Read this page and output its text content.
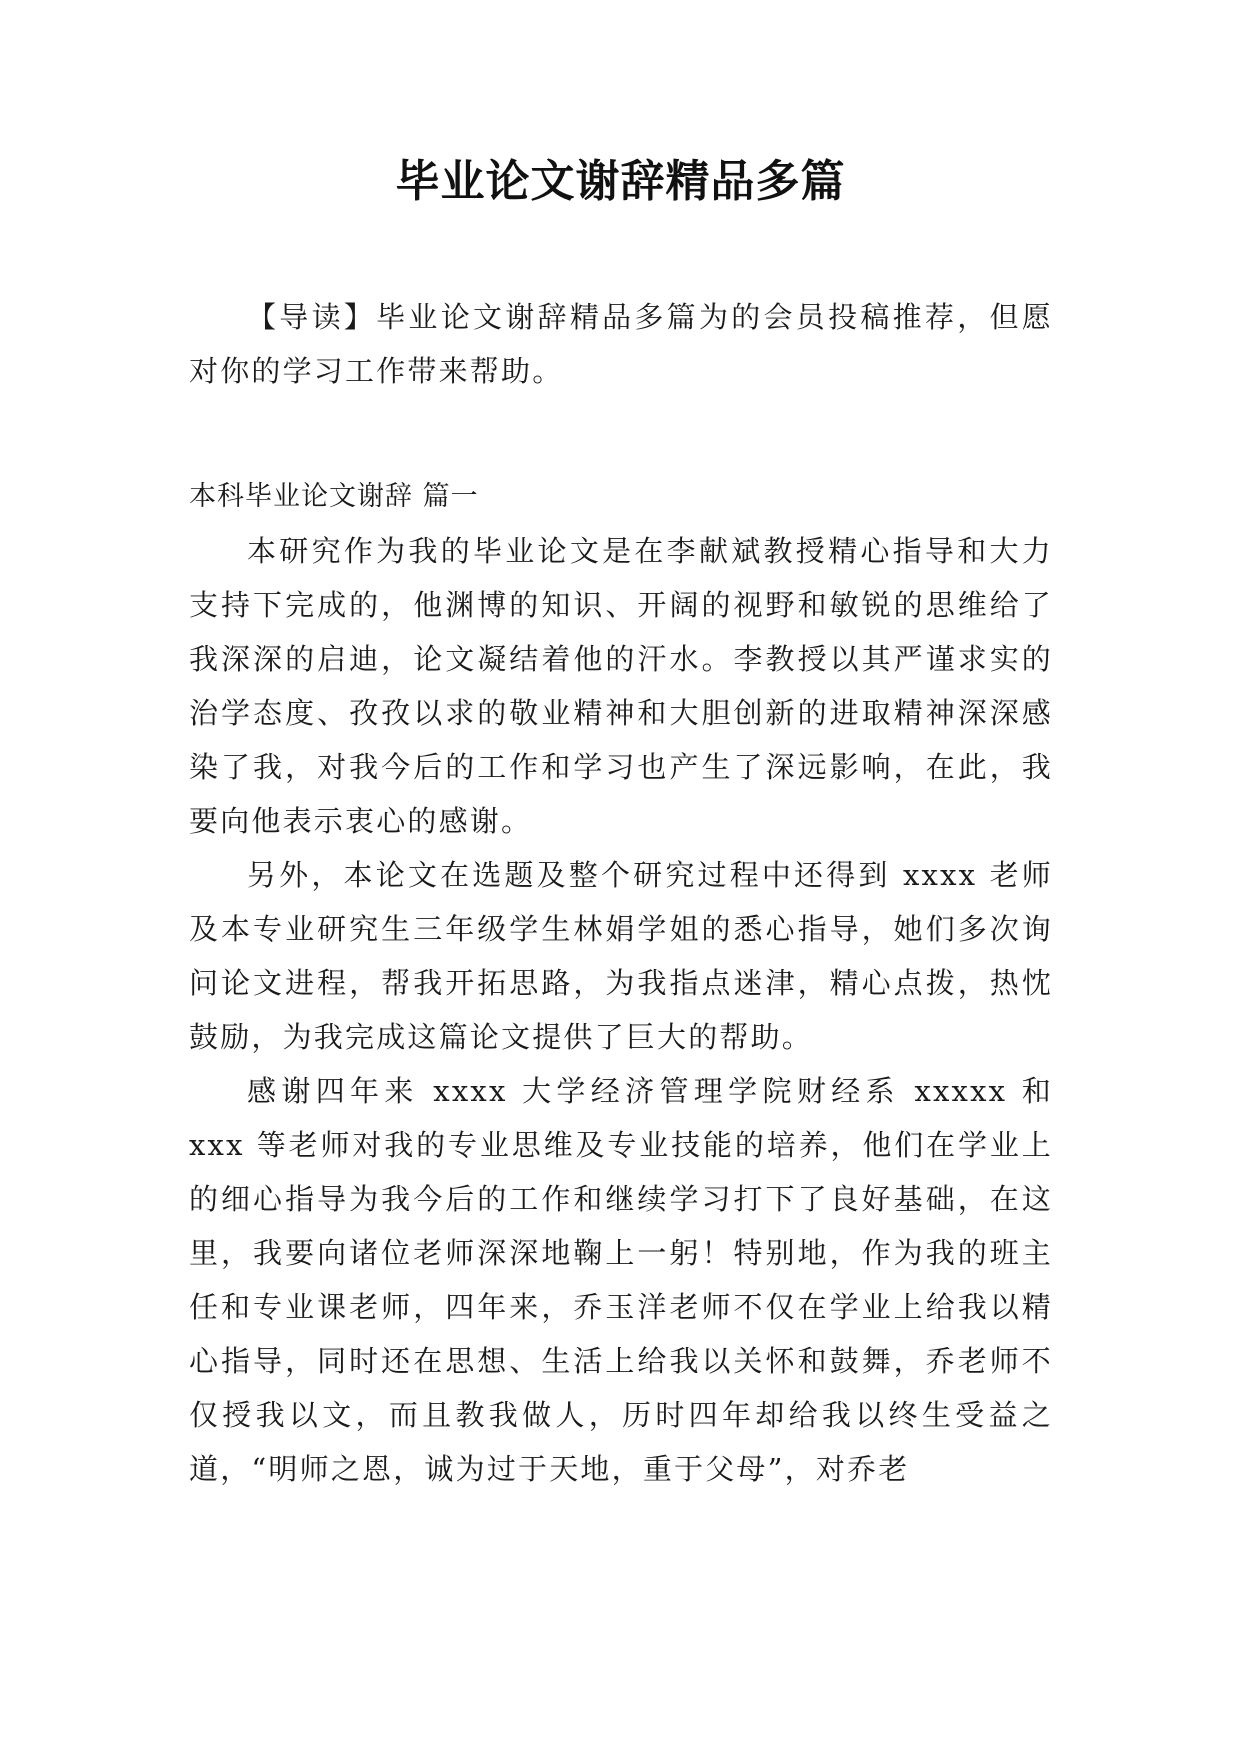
毕业论文谢辞精品多篇

【导读】毕业论文谢辞精品多篇为的会员投稿推荐，但愿对你的学习工作带来帮助。

本科毕业论文谢辞 篇一

本研究作为我的毕业论文是在李献斌教授精心指导和大力支持下完成的，他渊博的知识、开阔的视野和敏锐的思维给了我深深的启迪，论文凝结着他的汗水。李教授以其严谨求实的治学态度、孜孜以求的敬业精神和大胆创新的进取精神深深感染了我，对我今后的工作和学习也产生了深远影响，在此，我要向他表示衷心的感谢。

另外，本论文在选题及整个研究过程中还得到 xxxx 老师及本专业研究生三年级学生林娟学姐的悉心指导，她们多次询问论文进程，帮我开拓思路，为我指点迷津，精心点拨，热忱鼓励，为我完成这篇论文提供了巨大的帮助。

感谢四年来 xxxx 大学经济管理学院财经系 xxxxx 和 xxx 等老师对我的专业思维及专业技能的培养，他们在学业上的细心指导为我今后的工作和继续学习打下了良好基础，在这里，我要向诸位老师深深地鞠上一躬！特别地，作为我的班主任和专业课老师，四年来，乔玉洋老师不仅在学业上给我以精心指导，同时还在思想、生活上给我以关怀和鼓舞，乔老师不仅授我以文，而且教我做人，历时四年却给我以终生受益之道，“明师之恩，诚为过于天地，重于父母”，对乔老
